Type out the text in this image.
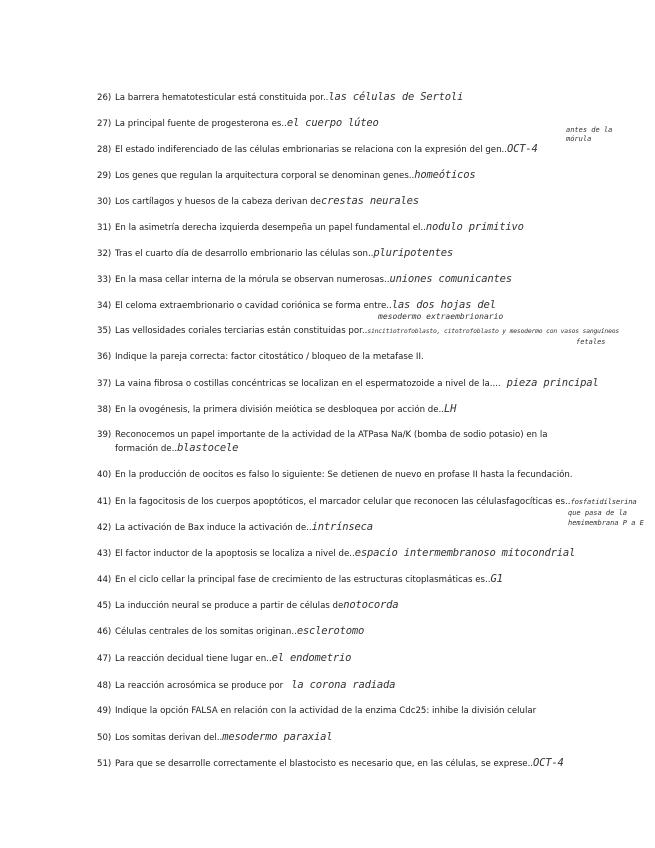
26) La barrera hematotesticular está constituida por..las células de Sertoli
27) La principal fuente de progesterona es..el cuerpo lúteo
28) El estado indiferenciado de las células embrionarias se relaciona con la expresión del gen..OCT-4
antes de la mórula
29) Los genes que regulan la arquitectura corporal se denominan genes..homeóticos
30) Los cartílagos y huesos de la cabeza derivan decrestas neurales
31) En la asimetría derecha izquierda desempeña un papel fundamental el..nodulo primitivo
32) Tras el cuarto día de desarrollo embrionario las células son..pluripotentes
33) En la masa cellar interna de la mórula se observan numerosas..uniones comunicantes
34) El celoma extraembrionario o cavidad coriónica se forma entre..las dos hojas del
mesodermo extraembrionario
35) Las vellosidades coriales terciarias están constituidas por..sincitiotrofoblasto, citotrofoblasto y mesodermo con vasos sanguíneos
fetales
36) Indique la pareja correcta: factor citostático / bloqueo de la metafase II.
37) La vaina fibrosa o costillas concéntricas se localizan en el espermatozoide a nivel de la.... pieza principal
38) En la ovogénesis, la primera división meiótica se desbloquea por acción de..LH
39) Reconocemos un papel importante de la actividad de la ATPasa Na/K (bomba de sodio potasio) en la
formación de..blastocele
40) En la producción de oocitos es falso lo siguiente: Se detienen de nuevo en profase II hasta la fecundación.
41) En la fagocitosis de los cuerpos apoptóticos, el marcador celular que reconocen las célulasfagocíticas es..fosfatidilserina
que pasa de la
hemimembrana P a E
42) La activación de Bax induce la activación de..intrínseca
43) El factor inductor de la apoptosis se localiza a nivel de..espacio intermembranoso mitocondrial
44) En el ciclo cellar la principal fase de crecimiento de las estructuras citoplasmáticas es..G1
45) La inducción neural se produce a partir de células denotocorda
46) Células centrales de los somitas originan..esclerotomo
47) La reacción decidual tiene lugar en..el endometrio
48) La reacción acrosómica se produce por la corona radiada
49) Indique la opción FALSA en relación con la actividad de la enzima Cdc25: inhibe la división celular
50) Los somitas derivan del..mesodermo paraxial
51) Para que se desarrolle correctamente el blastocisto es necesario que, en las células, se exprese..OCT-4
